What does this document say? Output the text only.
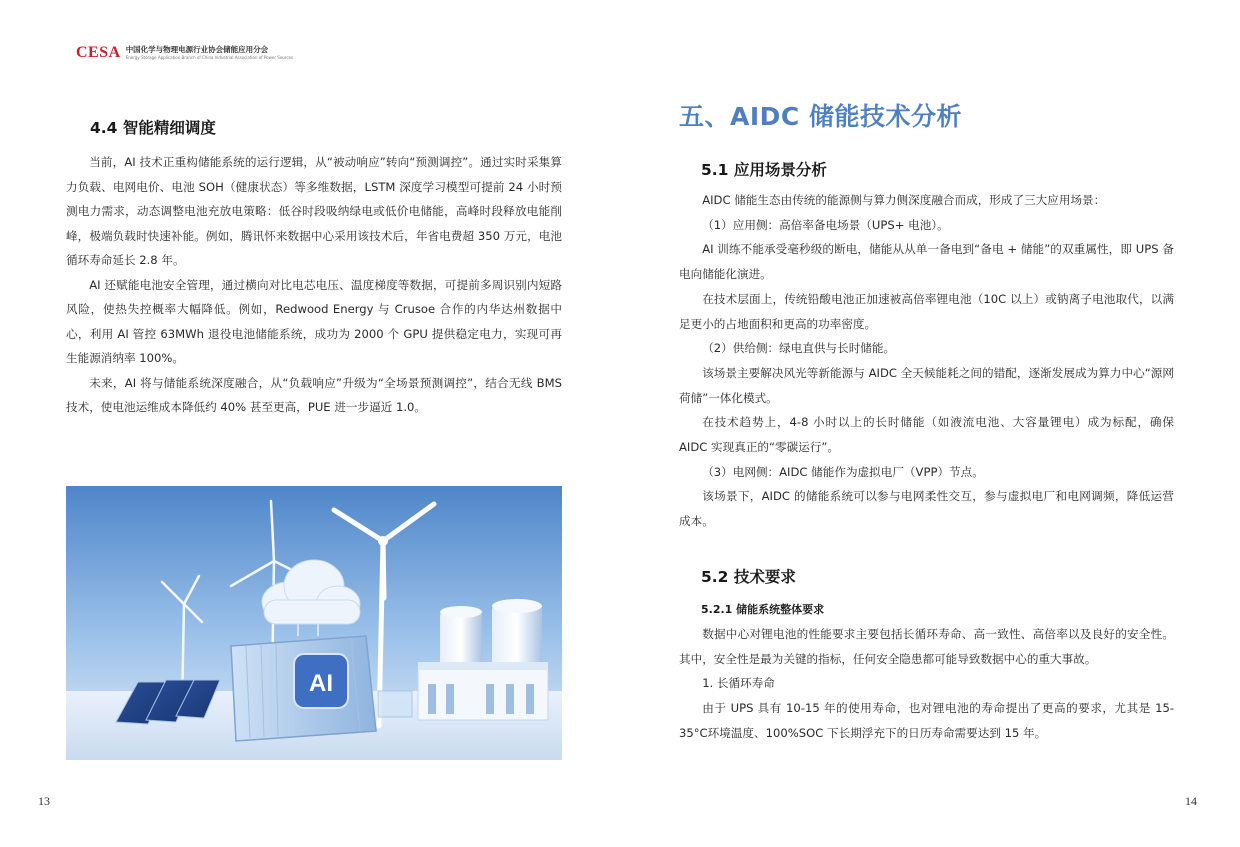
CESA 中国化学与物理电源行业协会储能应用分会
Energy Storage Application Branch of China Industrial Association of Power Sources
4.4 智能精细调度

当前，AI 技术正重构储能系统的运行逻辑，从“被动响应”转向“预测调控”。通过实时采集算力负载、电网电价、电池 SOH（健康状态）等多维数据，LSTM 深度学习模型可提前 24 小时预测电力需求，动态调整电池充放电策略：低谷时段吸纳绿电或低价电储能，高峰时段释放电能削峰，极端负载时快速补能。例如，腾讯怀来数据中心采用该技术后，年省电费超 350 万元，电池循环寿命延长 2.8 年。

AI 还赋能电池安全管理，通过横向对比电芯电压、温度梯度等数据，可提前多周识别内短路风险，使热失控概率大幅降低。例如，Redwood Energy 与 Crusoe 合作的内华达州数据中心，利用 AI 管控 63MWh 退役电池储能系统，成功为 2000 个 GPU 提供稳定电力，实现可再生能源消纳率 100%。

未来，AI 将与储能系统深度融合，从“负载响应”升级为“全场景预测调控”，结合无线 BMS 技术，使电池运维成本降低约 40% 甚至更高，PUE 进一步逼近 1.0。

AI
13
五、AIDC 储能技术分析
5.1 应用场景分析

AIDC 储能生态由传统的能源侧与算力侧深度融合而成，形成了三大应用场景：

（1）应用侧：高倍率备电场景（UPS+ 电池）。

AI 训练不能承受毫秒级的断电，储能从从单一备电到“备电 + 储能”的双重属性，即 UPS 备电向储能化演进。

在技术层面上，传统铅酸电池正加速被高倍率锂电池（10C 以上）或钠离子电池取代，以满足更小的占地面积和更高的功率密度。

（2）供给侧：绿电直供与长时储能。

该场景主要解决风光等新能源与 AIDC 全天候能耗之间的错配，逐渐发展成为算力中心“源网荷储”一体化模式。

在技术趋势上，4-8 小时以上的长时储能（如液流电池、大容量锂电）成为标配，确保 AIDC 实现真正的“零碳运行”。

（3）电网侧：AIDC 储能作为虚拟电厂（VPP）节点。

该场景下，AIDC 的储能系统可以参与电网柔性交互，参与虚拟电厂和电网调频，降低运营成本。

5.2 技术要求
5.2.1 储能系统整体要求

数据中心对锂电池的性能要求主要包括长循环寿命、高一致性、高倍率以及良好的安全性。其中，安全性是最为关键的指标，任何安全隐患都可能导致数据中心的重大事故。

1. 长循环寿命

由于 UPS 具有 10-15 年的使用寿命，也对锂电池的寿命提出了更高的要求，尤其是 15-35°C环境温度、100%SOC 下长期浮充下的日历寿命需要达到 15 年。

14
